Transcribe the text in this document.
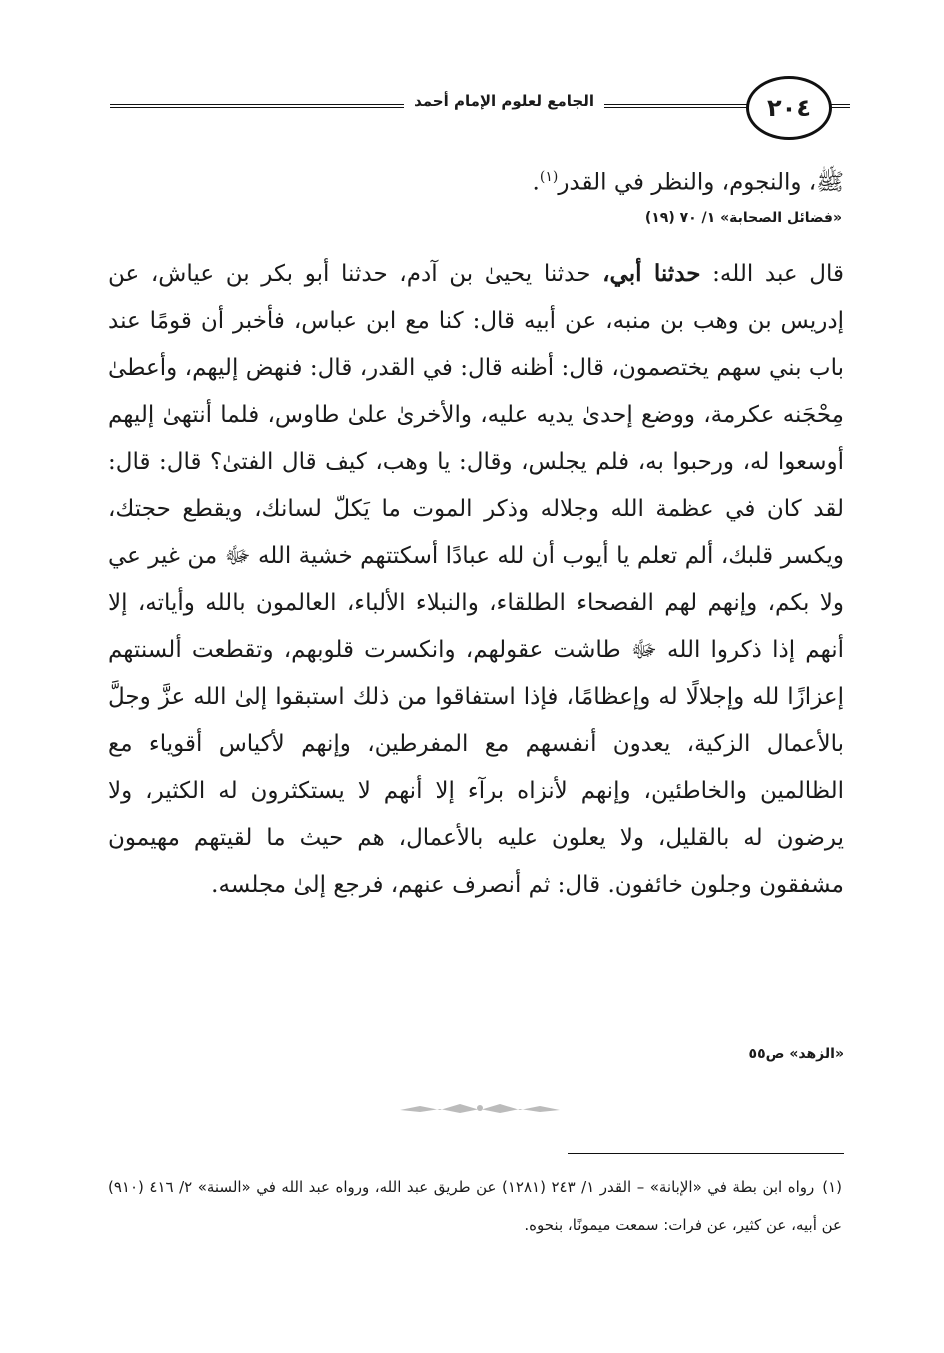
الجامع لعلوم الإمام أحمد	٢٠٤
ﷺ، والنجوم، والنظر في القدر$^{(١)}$.
«فضائل الصحابة» ١/ ٧٠ (١٩)
قال عبد الله: حدثنا أبي، حدثنا يحيىٰ بن آدم، حدثنا أبو بكر بن عياش، عن إدريس بن وهب بن منبه، عن أبيه قال: كنا مع ابن عباس، فأخبر أن قومًا عند باب بني سهم يختصمون، قال: أظنه قال: في القدر، قال: فنهض إليهم، وأعطىٰ مِحْجَنه عكرمة، ووضع إحدىٰ يديه عليه، والأخرىٰ علىٰ طاوس، فلما أنتهىٰ إليهم أوسعوا له، ورحبوا به، فلم يجلس، وقال: يا وهب، كيف قال الفتىٰ؟ قال: قال: لقد كان في عظمة الله وجلاله وذكر الموت ما يَكلّ لسانك، ويقطع حجتك، ويكسر قلبك، ألم تعلم يا أيوب أن لله عبادًا أسكتتهم خشية الله ﷻ من غير عي ولا بكم، وإنهم لهم الفصحاء الطلقاء، والنبلاء الألباء، العالمون بالله وأياته، إلا أنهم إذا ذكروا الله ﷻ طاشت عقولهم، وانكسرت قلوبهم، وتقطعت ألسنتهم إعزازًا لله وإجلالًا له وإعظامًا، فإذا استفاقوا من ذلك استبقوا إلىٰ الله عزَّ وجلَّ بالأعمال الزكية، يعدون أنفسهم مع المفرطين، وإنهم لأكياس أقوياء مع الظالمين والخاطئين، وإنهم لأنزاه برآء إلا أنهم لا يستكثرون له الكثير، ولا يرضون له بالقليل، ولا يعلون عليه بالأعمال، هم حيث ما لقيتهم مهيمون مشفقون وجلون خائفون. قال: ثم أنصرف عنهم، فرجع إلىٰ مجلسه.
«الزهد» ص٥٥
(١)رواه ابن بطة في «الإبانة» – القدر ١/ ٢٤٣ (١٢٨١) عن طريق عبد الله، ورواه عبد الله في «السنة» ٢/ ٤١٦ (٩١٠) عن أبيه، عن كثير، عن فرات: سمعت ميمونًا، بنحوه.
